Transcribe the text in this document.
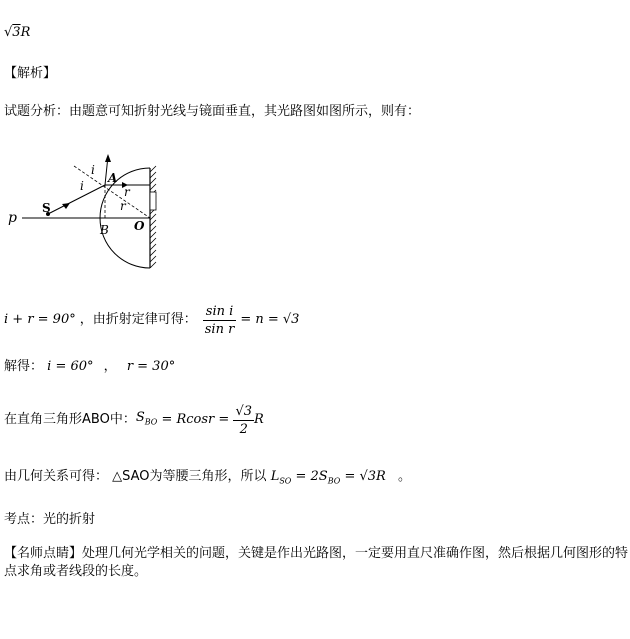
√3R
【解析】
试题分析：由题意可知折射光线与镜面垂直，其光路图如图所示，则有：
i
i
A
r
r
p
S
B O
i + r = 90° ，由折射定律可得： $\frac{\text{sin i}}{\text{sin r}} = n = √3$
解得： i = 60° ， r = 30°
在直角三角形ABO中： $S_{BO} = Rcosr = \frac{√3}{2}$ R
由几何关系可得： △SAO为等腰三角形，所以 $L_{SO} = 2S_{BO} = √3R$ 。
考点：光的折射
【名师点睛】处理几何光学相关的问题，关键是作出光路图，一定要用直尺准确作图，然后根据几何图形的特点求角或者线段的长度。
